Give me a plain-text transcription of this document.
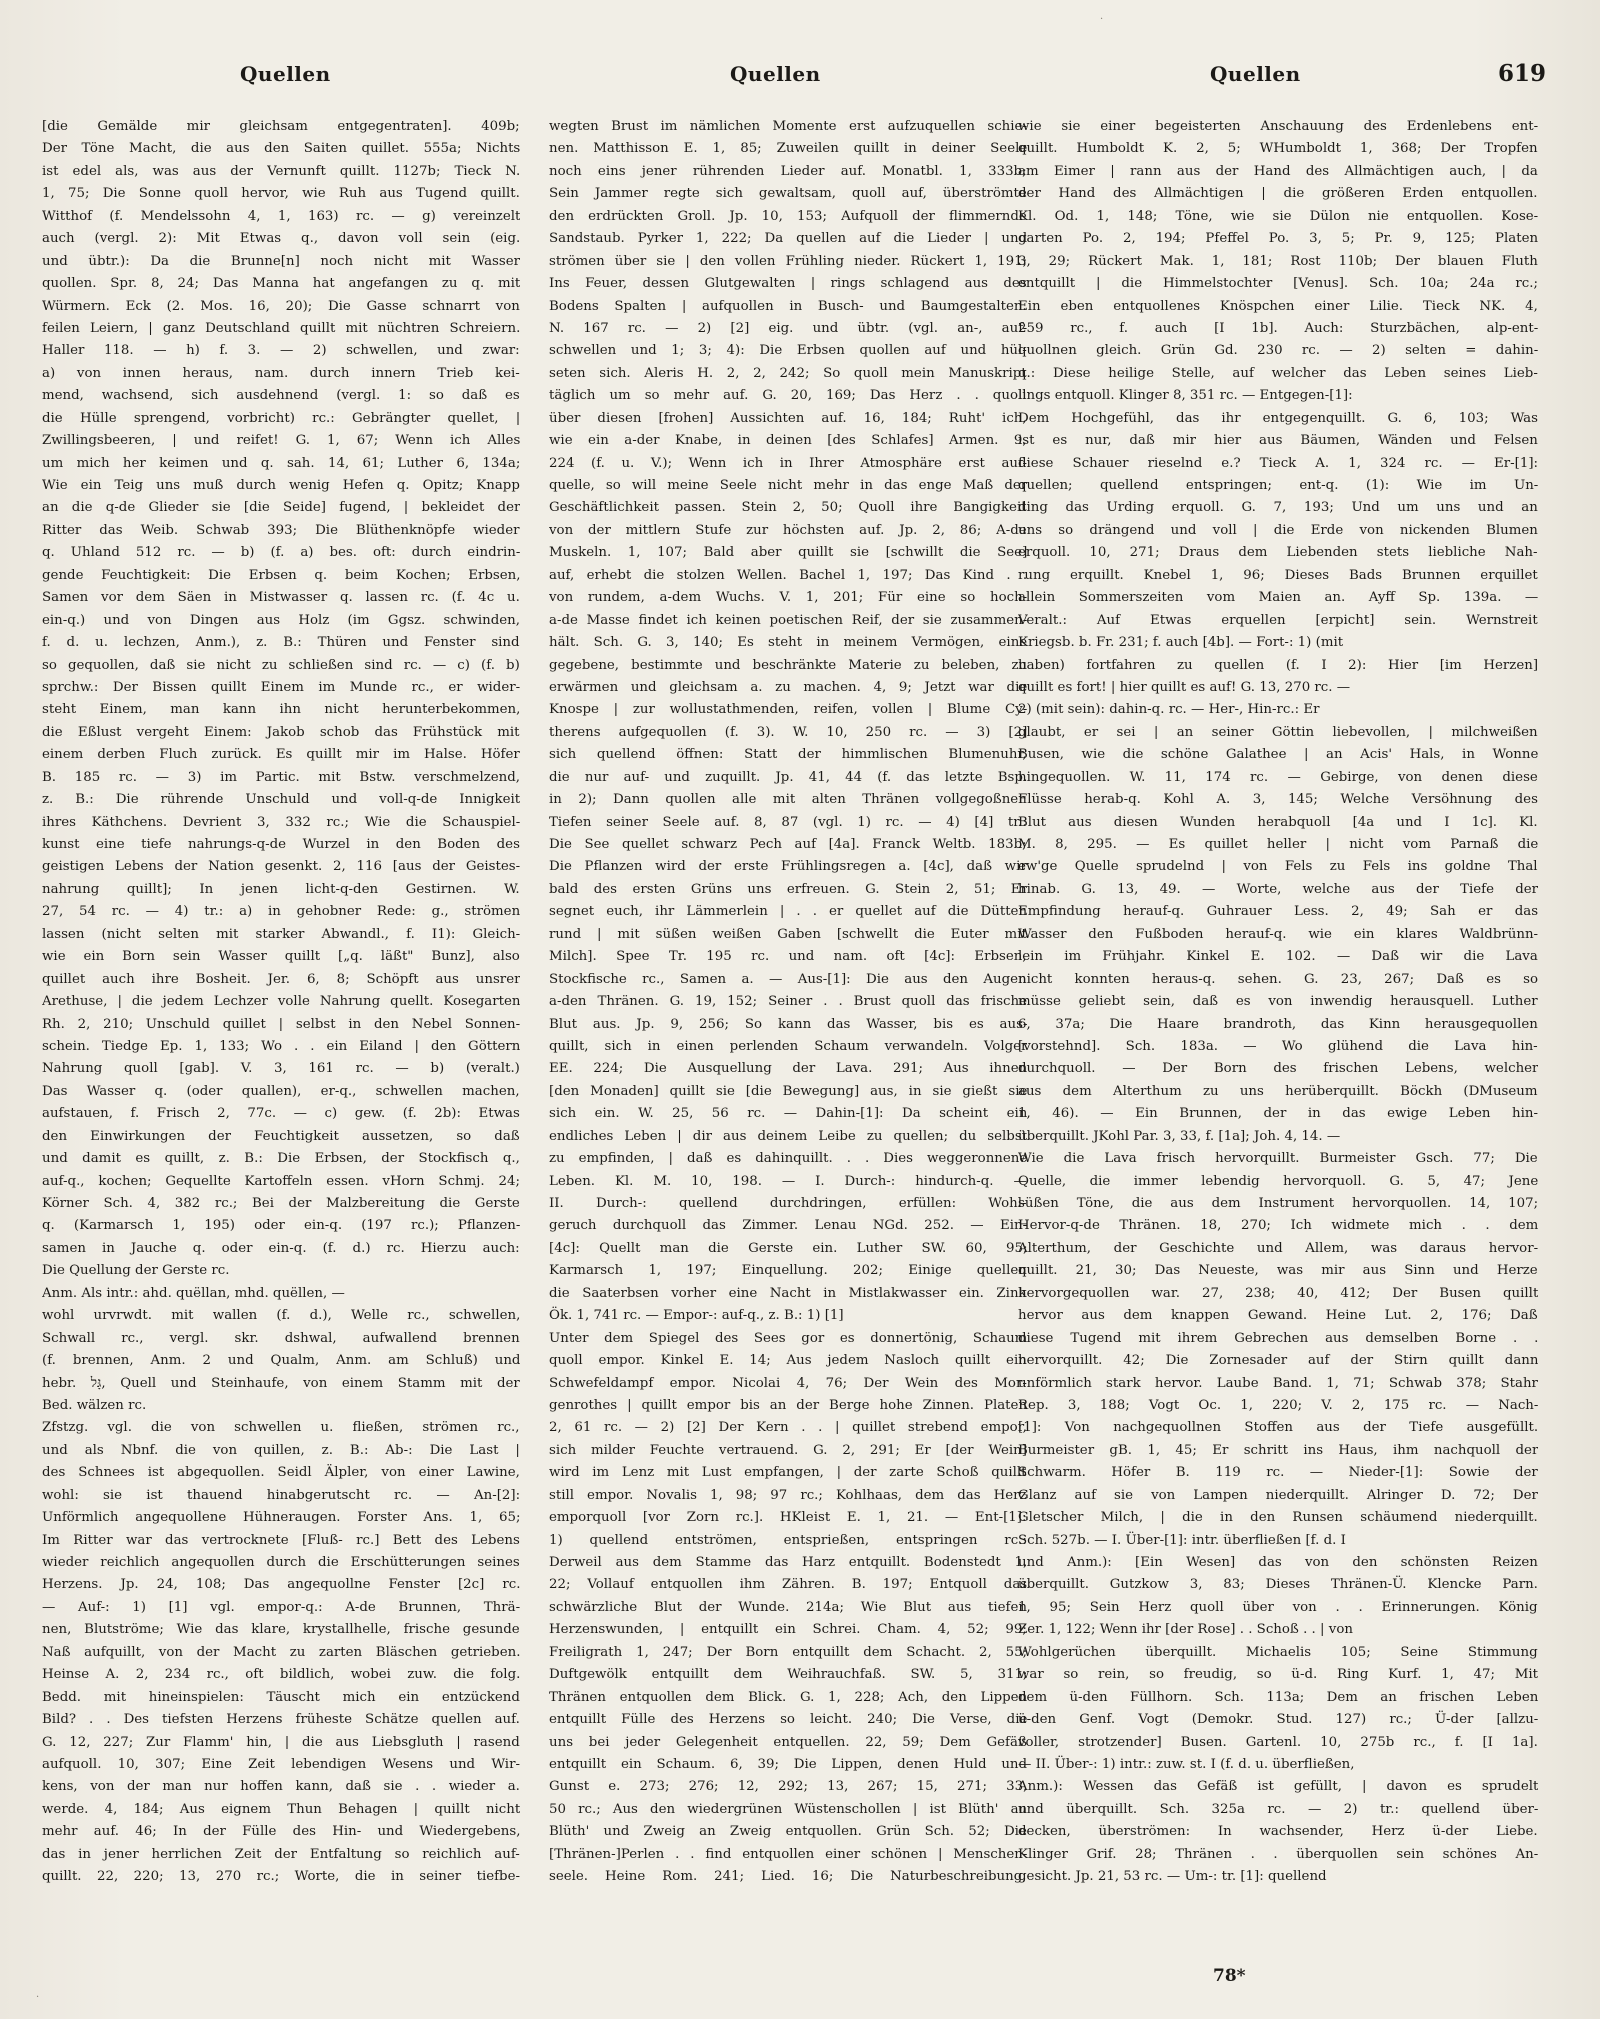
Quellen	Quellen	Quellen	619
[die Gemälde mir gleichsam entgegentraten]. 409b;
Der Töne Macht, die aus den Saiten quillet. 555a; Nichts
ist edel als, was aus der Vernunft quillt. 1127b; Tieck N.
1, 75; Die Sonne quoll hervor, wie Ruh aus Tugend quillt.
Witthof (f. Mendelssohn 4, 1, 163) rc. — g) vereinzelt
auch (vergl. 2): Mit Etwas q., davon voll sein (eig.
und übtr.): Da die Brunne[n] noch nicht mit Wasser
quollen. Spr. 8, 24; Das Manna hat angefangen zu q. mit
Würmern. Eck (2. Mos. 16, 20); Die Gasse schnarrt von
feilen Leiern, | ganz Deutschland quillt mit nüchtren Schreiern.
Haller 118. — h) f. 3. — 2) schwellen, und zwar:
a) von innen heraus, nam. durch innern Trieb kei-
mend, wachsend, sich ausdehnend (vergl. 1: so daß es
die Hülle sprengend, vorbricht) rc.: Gebrängter quellet, |
Zwillingsbeeren, | und reifet! G. 1, 67; Wenn ich Alles
um mich her keimen und q. sah. 14, 61; Luther 6, 134a;
Wie ein Teig uns muß durch wenig Hefen q. Opitz; Knapp
an die q-de Glieder sie [die Seide] fugend, | bekleidet der
Ritter das Weib. Schwab 393; Die Blüthenknöpfe wieder
q. Uhland 512 rc. — b) (f. a) bes. oft: durch eindrin-
gende Feuchtigkeit: Die Erbsen q. beim Kochen; Erbsen,
Samen vor dem Säen in Mistwasser q. lassen rc. (f. 4c u.
ein-q.) und von Dingen aus Holz (im Ggsz. schwinden,
f. d. u. lechzen, Anm.), z. B.: Thüren und Fenster sind
so gequollen, daß sie nicht zu schließen sind rc. — c) (f. b)
sprchw.: Der Bissen quillt Einem im Munde rc., er wider-
steht Einem, man kann ihn nicht herunterbekommen,
die Eßlust vergeht Einem: Jakob schob das Frühstück mit
einem derben Fluch zurück. Es quillt mir im Halse. Höfer
B. 185 rc. — 3) im Partic. mit Bstw. verschmelzend,
z. B.: Die rührende Unschuld und voll-q-de Innigkeit
ihres Käthchens. Devrient 3, 332 rc.; Wie die Schauspiel-
kunst eine tiefe nahrungs-q-de Wurzel in den Boden des
geistigen Lebens der Nation gesenkt. 2, 116 [aus der Geistes-
nahrung quillt]; In jenen licht-q-den Gestirnen. W.
27, 54 rc. — 4) tr.: a) in gehobner Rede: g., strömen
lassen (nicht selten mit starker Abwandl., f. I1): Gleich-
wie ein Born sein Wasser quillt [„q. läßt" Bunz], also
quillet auch ihre Bosheit. Jer. 6, 8; Schöpft aus unsrer
Arethuse, | die jedem Lechzer volle Nahrung quellt. Kosegarten
Rh. 2, 210; Unschuld quillet | selbst in den Nebel Sonnen-
schein. Tiedge Ep. 1, 133; Wo . . ein Eiland | den Göttern
Nahrung quoll [gab]. V. 3, 161 rc. — b) (veralt.)
Das Wasser q. (oder quallen), er-q., schwellen machen,
aufstauen, f. Frisch 2, 77c. — c) gew. (f. 2b): Etwas
den Einwirkungen der Feuchtigkeit aussetzen, so daß
und damit es quillt, z. B.: Die Erbsen, der Stockfisch q.,
auf-q., kochen; Gequellte Kartoffeln essen. vHorn Schmj. 24;
Körner Sch. 4, 382 rc.; Bei der Malzbereitung die Gerste
q. (Karmarsch 1, 195) oder ein-q. (197 rc.); Pflanzen-
samen in Jauche q. oder ein-q. (f. d.) rc. Hierzu auch:
Die Quellung der Gerste rc.
Anm. Als intr.: ahd. quëllan, mhd. quëllen, —
wohl urvrwdt. mit wallen (f. d.), Welle rc., schwellen,
Schwall rc., vergl. skr. dshwal, aufwallend brennen
(f. brennen, Anm. 2 und Qualm, Anm. am Schluß) und
hebr. גָּל, Quell und Steinhaufe, von einem Stamm mit der
Bed. wälzen rc.
Zfstzg. vgl. die von schwellen u. fließen, strömen rc.,
und als Nbnf. die von quillen, z. B.: Ab-: Die Last |
des Schnees ist abgequollen. Seidl Älpler, von einer Lawine,
wohl: sie ist thauend hinabgerutscht rc. — An-[2]:
Unförmlich angequollene Hühneraugen. Forster Ans. 1, 65;
Im Ritter war das vertrocknete [Fluß- rc.] Bett des Lebens
wieder reichlich angequollen durch die Erschütterungen seines
Herzens. Jp. 24, 108; Das angequollne Fenster [2c] rc.
— Auf-: 1) [1] vgl. empor-q.: A-de Brunnen, Thrä-
nen, Blutströme; Wie das klare, krystallhelle, frische gesunde
Naß aufquillt, von der Macht zu zarten Bläschen getrieben.
Heinse A. 2, 234 rc., oft bildlich, wobei zuw. die folg.
Bedd. mit hineinspielen: Täuscht mich ein entzückend
Bild? . . Des tiefsten Herzens früheste Schätze quellen auf.
G. 12, 227; Zur Flamm' hin, | die aus Liebsgluth | rasend
aufquoll. 10, 307; Eine Zeit lebendigen Wesens und Wir-
kens, von der man nur hoffen kann, daß sie . . wieder a.
werde. 4, 184; Aus eignem Thun Behagen | quillt nicht
mehr auf. 46; In der Fülle des Hin- und Wiedergebens,
das in jener herrlichen Zeit der Entfaltung so reichlich auf-
quillt. 22, 220; 13, 270 rc.; Worte, die in seiner tiefbe-
wegten Brust im nämlichen Momente erst aufzuquellen schie-
nen. Matthisson E. 1, 85; Zuweilen quillt in deiner Seele
noch eins jener rührenden Lieder auf. Monatbl. 1, 333b;
Sein Jammer regte sich gewaltsam, quoll auf, überströmte
den erdrückten Groll. Jp. 10, 153; Aufquoll der flimmernde
Sandstaub. Pyrker 1, 222; Da quellen auf die Lieder | und
strömen über sie | den vollen Frühling nieder. Rückert 1, 191;
Ins Feuer, dessen Glutgewalten | rings schlagend aus des
Bodens Spalten | aufquollen in Busch- und Baumgestalten.
N. 167 rc. — 2) [2] eig. und übtr. (vgl. an-, auf-
schwellen und 1; 3; 4): Die Erbsen quollen auf und hül-
seten sich. Aleris H. 2, 2, 242; So quoll mein Manuskript
täglich um so mehr auf. G. 20, 169; Das Herz . . quoll
über diesen [frohen] Aussichten auf. 16, 184; Ruht' ich,
wie ein a-der Knabe, in deinen [des Schlafes] Armen. 9,
224 (f. u. V.); Wenn ich in Ihrer Atmosphäre erst auf-
quelle, so will meine Seele nicht mehr in das enge Maß der
Geschäftlichkeit passen. Stein 2, 50; Quoll ihre Bangigkeit
von der mittlern Stufe zur höchsten auf. Jp. 2, 86; A-de
Muskeln. 1, 107; Bald aber quillt sie [schwillt die See]
auf, erhebt die stolzen Wellen. Bachel 1, 197; Das Kind . .
von rundem, a-dem Wuchs. V. 1, 201; Für eine so hoch-
a-de Masse findet ich keinen poetischen Reif, der sie zusammen-
hält. Sch. G. 3, 140; Es steht in meinem Vermögen, eine
gegebene, bestimmte und beschränkte Materie zu beleben, zu
erwärmen und gleichsam a. zu machen. 4, 9; Jetzt war die
Knospe | zur wollustathmenden, reifen, vollen | Blume Cy-
therens aufgequollen (f. 3). W. 10, 250 rc. — 3) [2]
sich quellend öffnen: Statt der himmlischen Blumenuhr,
die nur auf- und zuquillt. Jp. 41, 44 (f. das letzte Bsp.
in 2); Dann quollen alle mit alten Thränen vollgegoßnen
Tiefen seiner Seele auf. 8, 87 (vgl. 1) rc. — 4) [4] tr.:
Die See quellet schwarz Pech auf [4a]. Franck Weltb. 183b;
Die Pflanzen wird der erste Frühlingsregen a. [4c], daß wir
bald des ersten Grüns uns erfreuen. G. Stein 2, 51; Er
segnet euch, ihr Lämmerlein | . . er quellet auf die Dütten
rund | mit süßen weißen Gaben [schwellt die Euter mit
Milch]. Spee Tr. 195 rc. und nam. oft [4c]: Erbsen,
Stockfische rc., Samen a. — Aus-[1]: Die aus den Augen
a-den Thränen. G. 19, 152; Seiner . . Brust quoll das frische
Blut aus. Jp. 9, 256; So kann das Wasser, bis es aus-
quillt, sich in einen perlenden Schaum verwandeln. Volger
EE. 224; Die Ausquellung der Lava. 291; Aus ihnen
[den Monaden] quillt sie [die Bewegung] aus, in sie gießt sie
sich ein. W. 25, 56 rc. — Dahin-[1]: Da scheint ein
endliches Leben | dir aus deinem Leibe zu quellen; du selbst
zu empfinden, | daß es dahinquillt. . . Dies weggeronnene
Leben. Kl. M. 10, 198. — I. Durch-: hindurch-q. —
II. Durch-: quellend durchdringen, erfüllen: Wohl-
geruch durchquoll das Zimmer. Lenau NGd. 252. — Ein-
[4c]: Quellt man die Gerste ein. Luther SW. 60, 95;
Karmarsch 1, 197; Einquellung. 202; Einige quellen
die Saaterbsen vorher eine Nacht in Mistlakwasser ein. Zink
Ök. 1, 741 rc. — Empor-: auf-q., z. B.: 1) [1]
Unter dem Spiegel des Sees gor es donnertönig, Schaum
quoll empor. Kinkel E. 14; Aus jedem Nasloch quillt ein
Schwefeldampf empor. Nicolai 4, 76; Der Wein des Mor-
genrothes | quillt empor bis an der Berge hohe Zinnen. Platen
2, 61 rc. — 2) [2] Der Kern . . | quillet strebend empor,
sich milder Feuchte vertrauend. G. 2, 291; Er [der Wein]
wird im Lenz mit Lust empfangen, | der zarte Schoß quillt
still empor. Novalis 1, 98; 97 rc.; Kohlhaas, dem das Herz
emporquoll [vor Zorn rc.]. HKleist E. 1, 21. — Ent-[1]:
1) quellend entströmen, entsprießen, entspringen rc.:
Derweil aus dem Stamme das Harz entquillt. Bodenstedt 1,
22; Vollauf entquollen ihm Zähren. B. 197; Entquoll das
schwärzliche Blut der Wunde. 214a; Wie Blut aus tiefen
Herzenswunden, | entquillt ein Schrei. Cham. 4, 52; 99;
Freiligrath 1, 247; Der Born entquillt dem Schacht. 2, 55;
Duftgewölk entquillt dem Weihrauchfaß. SW. 5, 311;
Thränen entquollen dem Blick. G. 1, 228; Ach, den Lippen
entquillt Fülle des Herzens so leicht. 240; Die Verse, die
uns bei jeder Gelegenheit entquellen. 22, 59; Dem Gefäß
entquillt ein Schaum. 6, 39; Die Lippen, denen Huld und
Gunst e. 273; 276; 12, 292; 13, 267; 15, 271; 33,
50 rc.; Aus den wiedergrünen Wüstenschollen | ist Blüth' an
Blüth' und Zweig an Zweig entquollen. Grün Sch. 52; Die
[Thränen-]Perlen . . find entquollen einer schönen | Menschen-
seele. Heine Rom. 241; Lied. 16; Die Naturbeschreibung,
wie sie einer begeisterten Anschauung des Erdenlebens ent-
quillt. Humboldt K. 2, 5; WHumboldt 1, 368; Der Tropfen
am Eimer | rann aus der Hand des Allmächtigen auch, | da
der Hand des Allmächtigen | die größeren Erden entquollen.
Kl. Od. 1, 148; Töne, wie sie Dülon nie entquollen. Kose-
garten Po. 2, 194; Pfeffel Po. 3, 5; Pr. 9, 125; Platen
3, 29; Rückert Mak. 1, 181; Rost 110b; Der blauen Fluth
entquillt | die Himmelstochter [Venus]. Sch. 10a; 24a rc.;
Ein eben entquollenes Knöspchen einer Lilie. Tieck NK. 4,
259 rc., f. auch [I 1b]. Auch: Sturzbächen, alp-ent-
quollnen gleich. Grün Gd. 230 rc. — 2) selten = dahin-
q.: Diese heilige Stelle, auf welcher das Leben seines Lieb-
lings entquoll. Klinger 8, 351 rc. — Entgegen-[1]:
Dem Hochgefühl, das ihr entgegenquillt. G. 6, 103; Was
ist es nur, daß mir hier aus Bäumen, Wänden und Felsen
diese Schauer rieselnd e.? Tieck A. 1, 324 rc. — Er-[1]:
quellen; quellend entspringen; ent-q. (1): Wie im Un-
ding das Urding erquoll. G. 7, 193; Und um uns und an
uns so drängend und voll | die Erde von nickenden Blumen
erquoll. 10, 271; Draus dem Liebenden stets liebliche Nah-
rung erquillt. Knebel 1, 96; Dieses Bads Brunnen erquillet
allein Sommerszeiten vom Maien an. Ayff Sp. 139a. —
Veralt.: Auf Etwas erquellen [erpicht] sein. Wernstreit
Kriegsb. b. Fr. 231; f. auch [4b]. — Fort-: 1) (mit
haben) fortfahren zu quellen (f. I 2): Hier [im Herzen]
quillt es fort! | hier quillt es auf! G. 13, 270 rc. —
2) (mit sein): dahin-q. rc. — Her-, Hin-rc.: Er
glaubt, er sei | an seiner Göttin liebevollen, | milchweißen
Busen, wie die schöne Galathee | an Acis' Hals, in Wonne
hingequollen. W. 11, 174 rc. — Gebirge, von denen diese
Flüsse herab-q. Kohl A. 3, 145; Welche Versöhnung des
Blut aus diesen Wunden herabquoll [4a und I 1c]. Kl.
M. 8, 295. — Es quillet heller | nicht vom Parnaß die
ew'ge Quelle sprudelnd | von Fels zu Fels ins goldne Thal
hinab. G. 13, 49. — Worte, welche aus der Tiefe der
Empfindung herauf-q. Guhrauer Less. 2, 49; Sah er das
Wasser den Fußboden herauf-q. wie ein klares Waldbrünn-
lein im Frühjahr. Kinkel E. 102. — Daß wir die Lava
nicht konnten heraus-q. sehen. G. 23, 267; Daß es so
müsse geliebt sein, daß es von inwendig herausquell. Luther
6, 37a; Die Haare brandroth, das Kinn herausgequollen
[vorstehnd]. Sch. 183a. — Wo glühend die Lava hin-
durchquoll. — Der Born des frischen Lebens, welcher
aus dem Alterthum zu uns herüberquillt. Böckh (DMuseum
1, 46). — Ein Brunnen, der in das ewige Leben hin-
überquillt. JKohl Par. 3, 33, f. [1a]; Joh. 4, 14. —
Wie die Lava frisch hervorquillt. Burmeister Gsch. 77; Die
Quelle, die immer lebendig hervorquoll. G. 5, 47; Jene
süßen Töne, die aus dem Instrument hervorquollen. 14, 107;
Hervor-q-de Thränen. 18, 270; Ich widmete mich . . dem
Alterthum, der Geschichte und Allem, was daraus hervor-
quillt. 21, 30; Das Neueste, was mir aus Sinn und Herze
hervorgequollen war. 27, 238; 40, 412; Der Busen quillt
hervor aus dem knappen Gewand. Heine Lut. 2, 176; Daß
diese Tugend mit ihrem Gebrechen aus demselben Borne . .
hervorquillt. 42; Die Zornesader auf der Stirn quillt dann
unförmlich stark hervor. Laube Band. 1, 71; Schwab 378; Stahr
Rep. 3, 188; Vogt Oc. 1, 220; V. 2, 175 rc. — Nach-
[1]: Von nachgequollnen Stoffen aus der Tiefe ausgefüllt.
Burmeister gB. 1, 45; Er schritt ins Haus, ihm nachquoll der
Schwarm. Höfer B. 119 rc. — Nieder-[1]: Sowie der
Glanz auf sie von Lampen niederquillt. Alringer D. 72; Der
Gletscher Milch, | die in den Runsen schäumend niederquillt.
Sch. 527b. — I. Über-[1]: intr. überfließen [f. d. I
und Anm.): [Ein Wesen] das von den schönsten Reizen
überquillt. Gutzkow 3, 83; Dieses Thränen-Ü. Klencke Parn.
1, 95; Sein Herz quoll über von . . Erinnerungen. König
Zer. 1, 122; Wenn ihr [der Rose] . . Schoß . . | von
Wohlgerüchen überquillt. Michaelis 105; Seine Stimmung
war so rein, so freudig, so ü-d. Ring Kurf. 1, 47; Mit
dem ü-den Füllhorn. Sch. 113a; Dem an frischen Leben
ü-den Genf. Vogt (Demokr. Stud. 127) rc.; Ü-der [allzu-
voller, strotzender] Busen. Gartenl. 10, 275b rc., f. [I 1a].
— II. Über-: 1) intr.: zuw. st. I (f. d. u. überfließen,
Anm.): Wessen das Gefäß ist gefüllt, | davon es sprudelt
und überquillt. Sch. 325a rc. — 2) tr.: quellend über-
decken, überströmen: In wachsender, Herz ü-der Liebe.
Klinger Grif. 28; Thränen . . überquollen sein schönes An-
gesicht. Jp. 21, 53 rc. — Um-: tr. [1]: quellend
78*
·
·
